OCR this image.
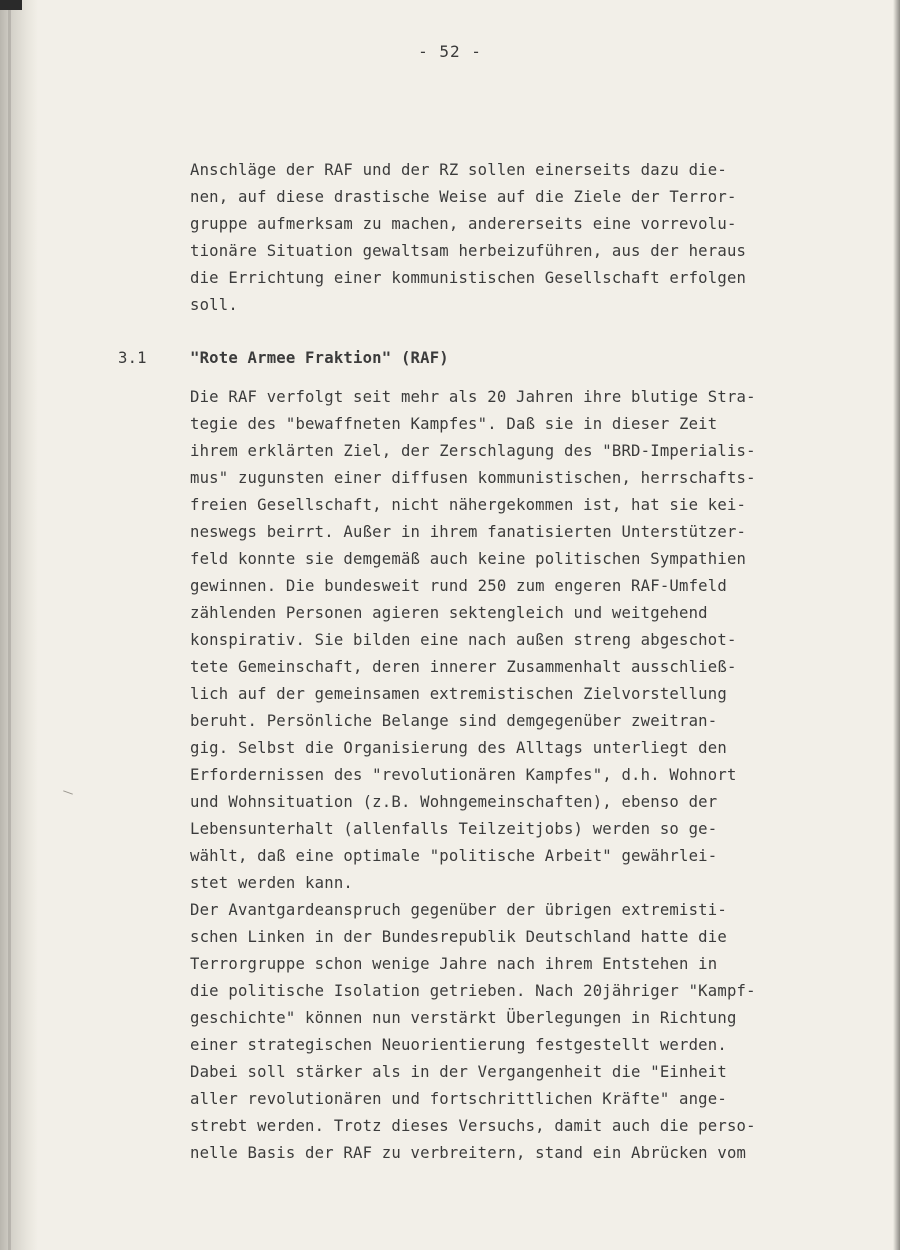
- 52 -
Anschläge der RAF und der RZ sollen einerseits dazu die-
nen, auf diese drastische Weise auf die Ziele der Terror-
gruppe aufmerksam zu machen, andererseits eine vorrevolu-
tionäre Situation gewaltsam herbeizuführen, aus der heraus
die Errichtung einer kommunistischen Gesellschaft erfolgen
soll.
3.1	"Rote Armee Fraktion" (RAF)
Die RAF verfolgt seit mehr als 20 Jahren ihre blutige Stra-
tegie des "bewaffneten Kampfes". Daß sie in dieser Zeit
ihrem erklärten Ziel, der Zerschlagung des "BRD-Imperialis-
mus" zugunsten einer diffusen kommunistischen, herrschafts-
freien Gesellschaft, nicht nähergekommen ist, hat sie kei-
neswegs beirrt. Außer in ihrem fanatisierten Unterstützer-
feld konnte sie demgemäß auch keine politischen Sympathien
gewinnen. Die bundesweit rund 250 zum engeren RAF-Umfeld
zählenden Personen agieren sektengleich und weitgehend
konspirativ. Sie bilden eine nach außen streng abgeschot-
tete Gemeinschaft, deren innerer Zusammenhalt ausschließ-
lich auf der gemeinsamen extremistischen Zielvorstellung
beruht. Persönliche Belange sind demgegenüber zweitran-
gig. Selbst die Organisierung des Alltags unterliegt den
Erfordernissen des "revolutionären Kampfes", d.h. Wohnort
und Wohnsituation (z.B. Wohngemeinschaften), ebenso der
Lebensunterhalt (allenfalls Teilzeitjobs) werden so ge-
wählt, daß eine optimale "politische Arbeit" gewährlei-
stet werden kann.
Der Avantgardeanspruch gegenüber der übrigen extremisti-
schen Linken in der Bundesrepublik Deutschland hatte die
Terrorgruppe schon wenige Jahre nach ihrem Entstehen in
die politische Isolation getrieben. Nach 20jähriger "Kampf-
geschichte" können nun verstärkt Überlegungen in Richtung
einer strategischen Neuorientierung festgestellt werden.
Dabei soll stärker als in der Vergangenheit die "Einheit
aller revolutionären und fortschrittlichen Kräfte" ange-
strebt werden. Trotz dieses Versuchs, damit auch die perso-
nelle Basis der RAF zu verbreitern, stand ein Abrücken vom
